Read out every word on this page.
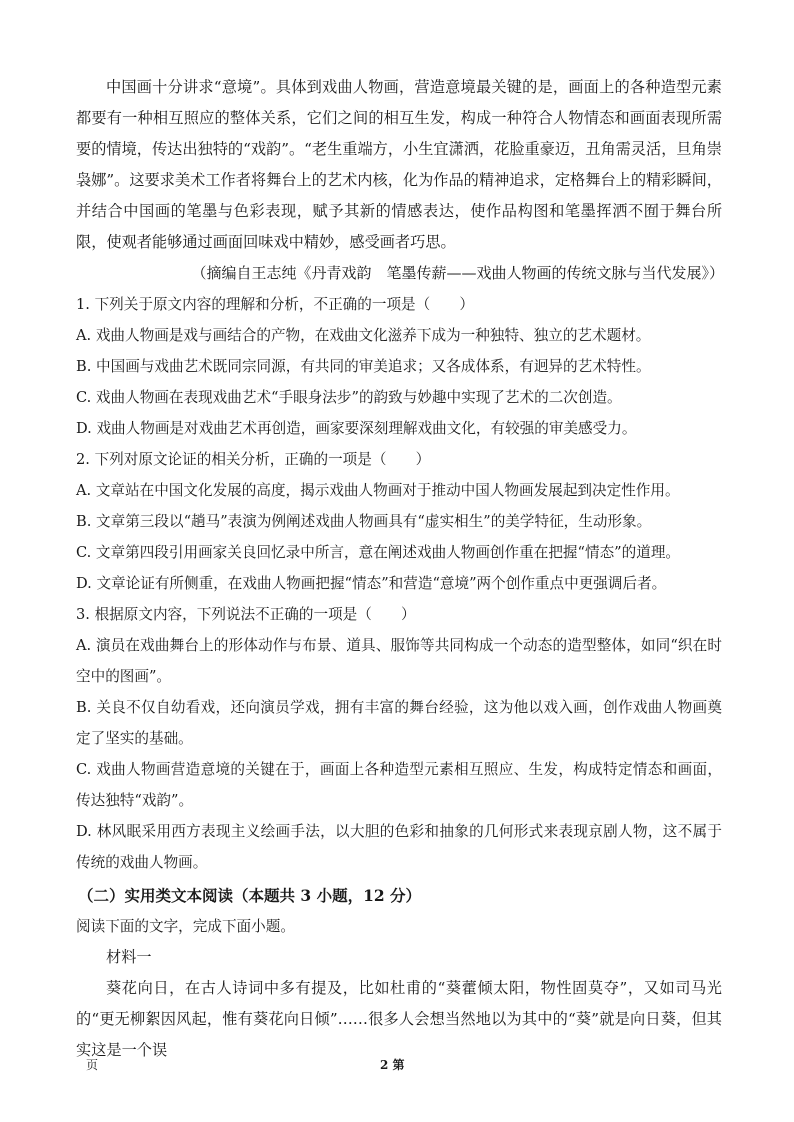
中国画十分讲求“意境”。具体到戏曲人物画，营造意境最关键的是，画面上的各种造型元素都要有一种相互照应的整体关系，它们之间的相互生发，构成一种符合人物情态和画面表现所需要的情境，传达出独特的“戏韵”。“老生重端方，小生宜潇洒，花脸重豪迈，丑角需灵活，旦角崇袅娜”。这要求美术工作者将舞台上的艺术内核，化为作品的精神追求，定格舞台上的精彩瞬间，并结合中国画的笔墨与色彩表现，赋予其新的情感表达，使作品构图和笔墨挥洒不囿于舞台所限，使观者能够通过画面回味戏中精妙，感受画者巧思。

（摘编自王志纯《丹青戏韵　笔墨传薪——戏曲人物画的传统文脉与当代发展》）

1. 下列关于原文内容的理解和分析，不正确的一项是（　　）

A. 戏曲人物画是戏与画结合的产物，在戏曲文化滋养下成为一种独特、独立的艺术题材。

B. 中国画与戏曲艺术既同宗同源，有共同的审美追求；又各成体系，有迥异的艺术特性。

C. 戏曲人物画在表现戏曲艺术“手眼身法步”的韵致与妙趣中实现了艺术的二次创造。

D. 戏曲人物画是对戏曲艺术再创造，画家要深刻理解戏曲文化，有较强的审美感受力。

2. 下列对原文论证的相关分析，正确的一项是（　　）

A. 文章站在中国文化发展的高度，揭示戏曲人物画对于推动中国人物画发展起到决定性作用。

B. 文章第三段以“趟马”表演为例阐述戏曲人物画具有“虚实相生”的美学特征，生动形象。

C. 文章第四段引用画家关良回忆录中所言，意在阐述戏曲人物画创作重在把握“情态”的道理。

D. 文章论证有所侧重，在戏曲人物画把握“情态”和营造“意境”两个创作重点中更强调后者。

3. 根据原文内容，下列说法不正确的一项是（　　）

A. 演员在戏曲舞台上的形体动作与布景、道具、服饰等共同构成一个动态的造型整体，如同“织在时空中的图画”。

B. 关良不仅自幼看戏，还向演员学戏，拥有丰富的舞台经验，这为他以戏入画，创作戏曲人物画奠定了坚实的基础。

C. 戏曲人物画营造意境的关键在于，画面上各种造型元素相互照应、生发，构成特定情态和画面，传达独特“戏韵”。

D. 林风眠采用西方表现主义绘画手法，以大胆的色彩和抽象的几何形式来表现京剧人物，这不属于传统的戏曲人物画。

（二）实用类文本阅读（本题共 3 小题，12 分）

阅读下面的文字，完成下面小题。

材料一

葵花向日，在古人诗词中多有提及，比如杜甫的“葵藿倾太阳，物性固莫夺”，又如司马光的“更无柳絮因风起，惟有葵花向日倾”……很多人会想当然地以为其中的“葵”就是向日葵，但其实这是一个误

页	2 第
